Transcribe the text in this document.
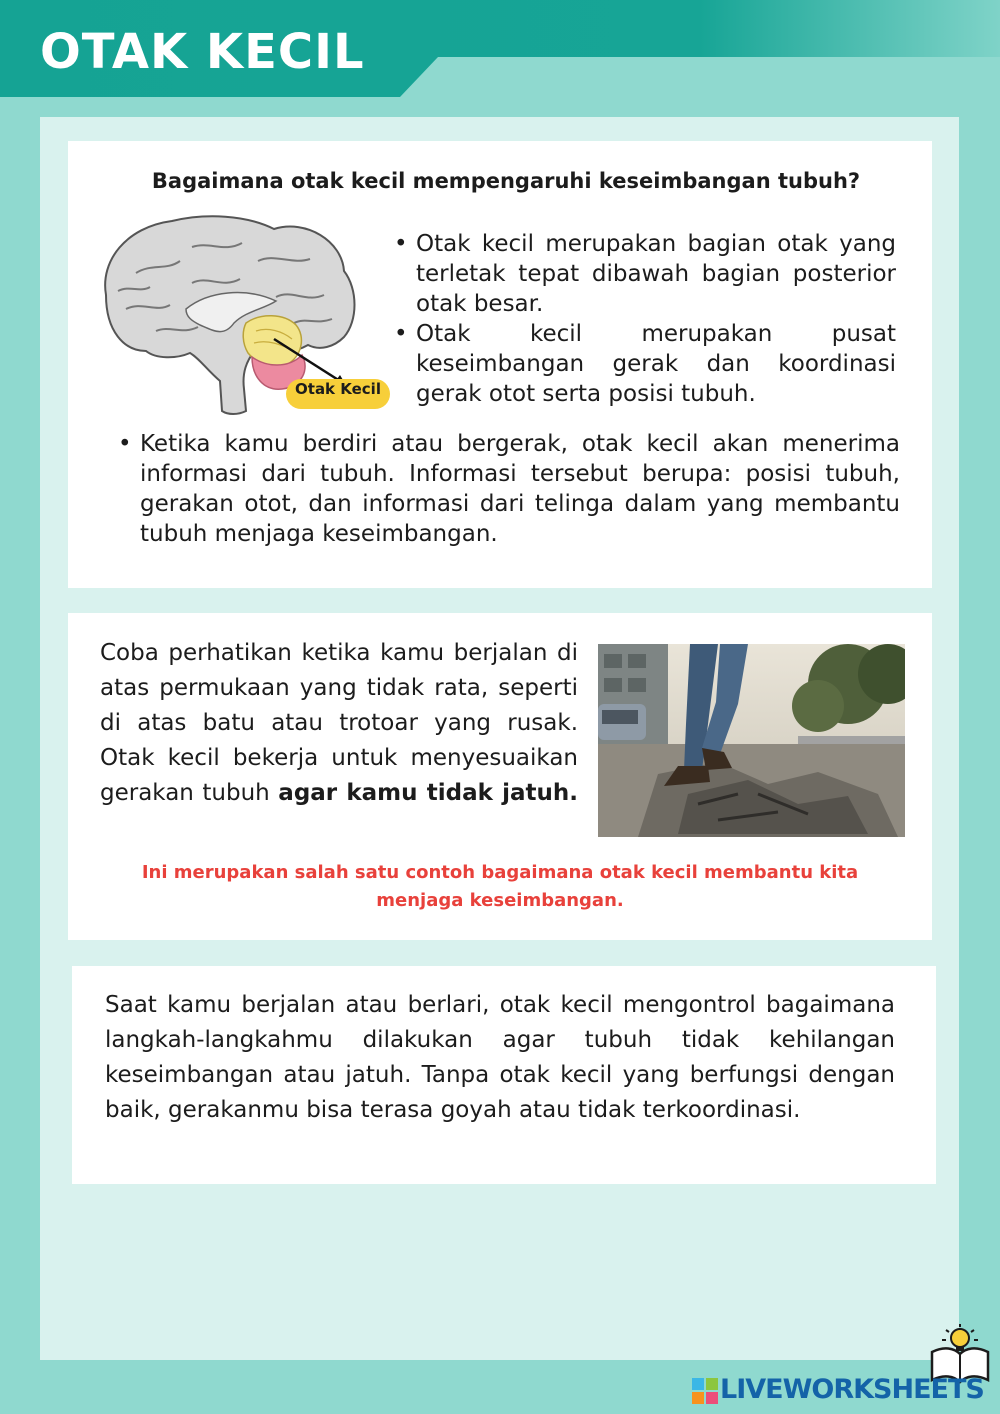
OTAK KECIL
Bagaimana otak kecil mempengaruhi keseimbangan tubuh?
Otak Kecil
• Otak kecil merupakan bagian otak yang terletak tepat dibawah bagian posterior otak besar.
• Otak kecil merupakan pusat keseimbangan gerak dan koordinasi gerak otot serta posisi tubuh.
• Ketika kamu berdiri atau bergerak, otak kecil akan menerima informasi dari tubuh. Informasi tersebut berupa: posisi tubuh, gerakan otot, dan informasi dari telinga dalam yang membantu tubuh menjaga keseimbangan.
Coba perhatikan ketika kamu berjalan di atas permukaan yang tidak rata, seperti di atas batu atau trotoar yang rusak. Otak kecil bekerja untuk menyesuaikan gerakan tubuh agar kamu tidak jatuh.
Ini merupakan salah satu contoh bagaimana otak kecil membantu kita menjaga keseimbangan.
Saat kamu berjalan atau berlari, otak kecil mengontrol bagaimana langkah-langkahmu dilakukan agar tubuh tidak kehilangan keseimbangan atau jatuh. Tanpa otak kecil yang berfungsi dengan baik, gerakanmu bisa terasa goyah atau tidak terkoordinasi.
LIVEWORKSHEETS
